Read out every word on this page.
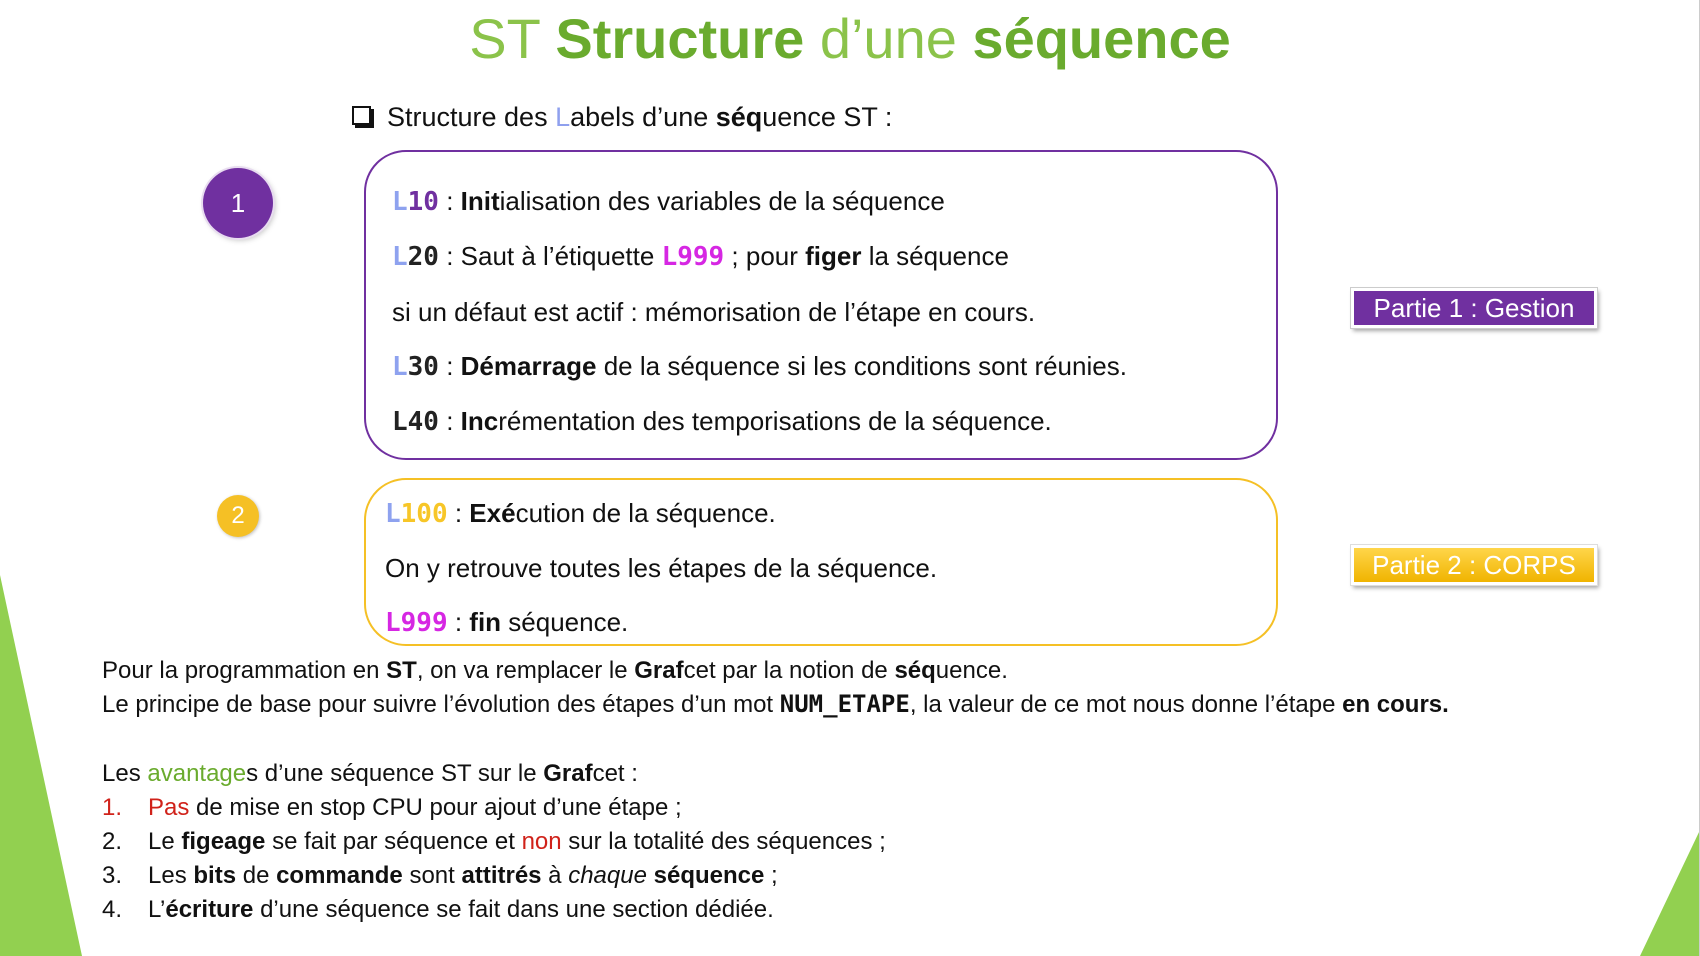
ST Structure d’une séquence
Structure des Labels d’une séquence ST :
1	L10 : Initialisation des variables de la séquence
L20 : Saut à l’étiquette L999 ; pour figer la séquence
si un défaut est actif : mémorisation de l’étape en cours.
L30 : Démarrage de la séquence si les conditions sont réunies.
L40 : Incrémentation des temporisations de la séquence.
Partie 1 : Gestion
2	L100 : Exécution de la séquence.
On y retrouve toutes les étapes de la séquence.
L999 : fin séquence.
Partie 2 : CORPS
Pour la programmation en ST, on va remplacer le Grafcet par la notion de séquence.
Le principe de base pour suivre l’évolution des étapes d’un mot NUM_ETAPE, la valeur de ce mot nous donne l’étape en cours.
Les avantages d’une séquence ST sur le Grafcet :
1. Pas de mise en stop CPU pour ajout d’une étape ;
2. Le figeage se fait par séquence et non sur la totalité des séquences ;
3. Les bits de commande sont attitrés à chaque séquence ;
4. L’écriture d’une séquence se fait dans une section dédiée.
